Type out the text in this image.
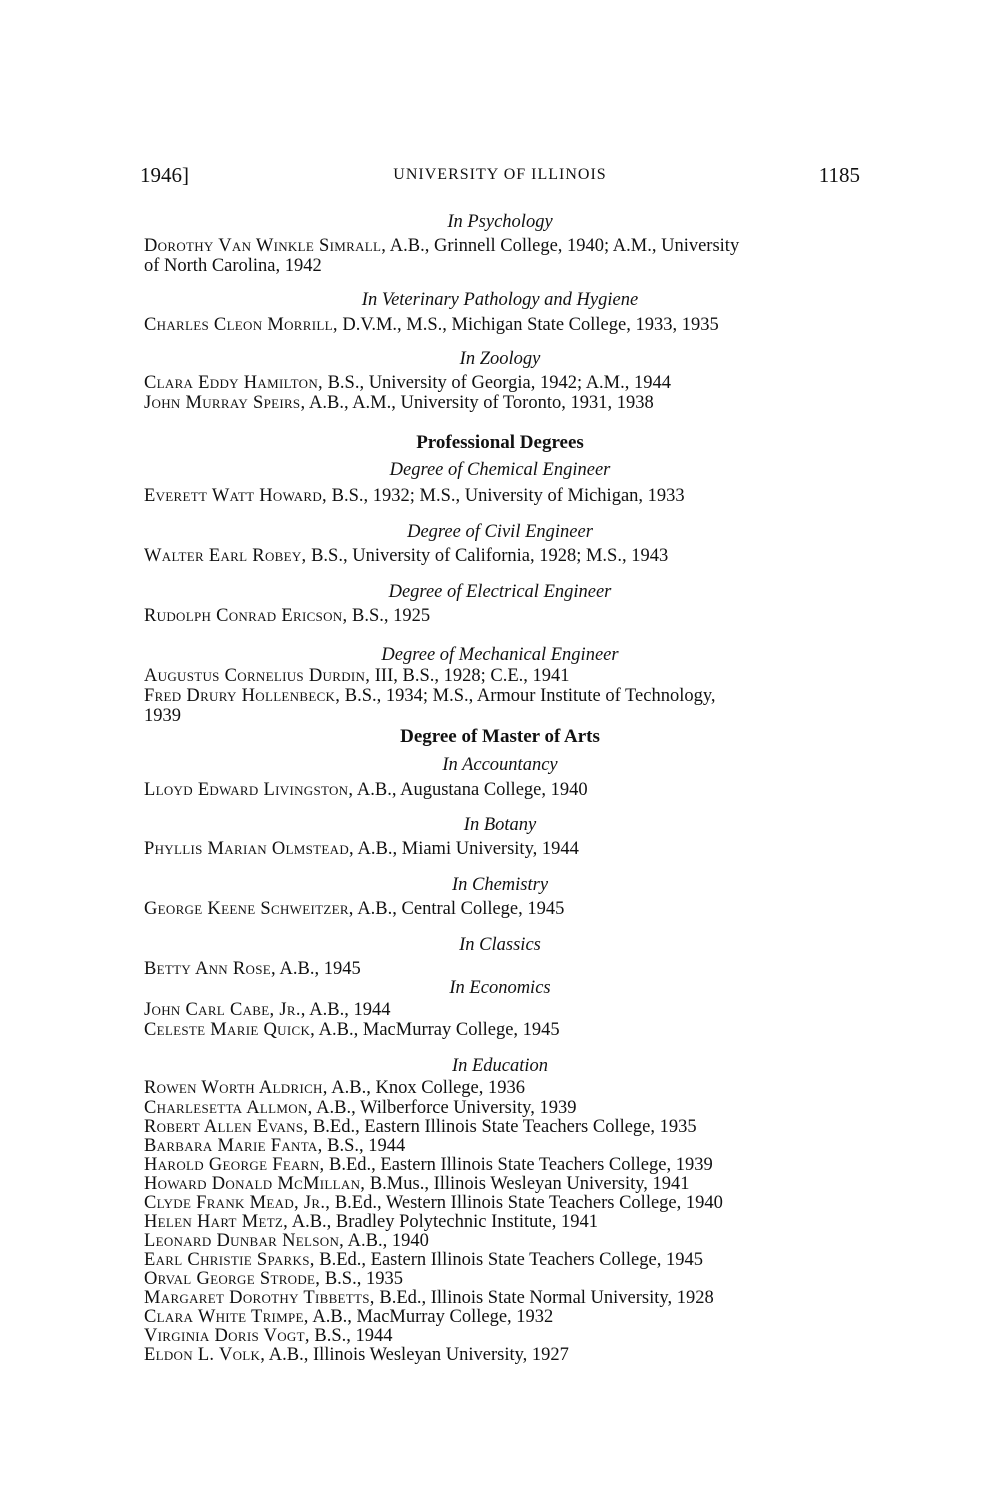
1946]	UNIVERSITY OF ILLINOIS	1185
In Psychology
Dorothy Van Winkle Simrall, A.B., Grinnell College, 1940; A.M., University
of North Carolina, 1942
In Veterinary Pathology and Hygiene
Charles Cleon Morrill, D.V.M., M.S., Michigan State College, 1933, 1935
In Zoology
Clara Eddy Hamilton, B.S., University of Georgia, 1942; A.M., 1944
John Murray Speirs, A.B., A.M., University of Toronto, 1931, 1938
Professional Degrees
Degree of Chemical Engineer
Everett Watt Howard, B.S., 1932; M.S., University of Michigan, 1933
Degree of Civil Engineer
Walter Earl Robey, B.S., University of California, 1928; M.S., 1943
Degree of Electrical Engineer
Rudolph Conrad Ericson, B.S., 1925
Degree of Mechanical Engineer
Augustus Cornelius Durdin, III, B.S., 1928; C.E., 1941
Fred Drury Hollenbeck, B.S., 1934; M.S., Armour Institute of Technology,
1939
Degree of Master of Arts
In Accountancy
Lloyd Edward Livingston, A.B., Augustana College, 1940
In Botany
Phyllis Marian Olmstead, A.B., Miami University, 1944
In Chemistry
George Keene Schweitzer, A.B., Central College, 1945
In Classics
Betty Ann Rose, A.B., 1945
In Economics
John Carl Cabe, Jr., A.B., 1944
Celeste Marie Quick, A.B., MacMurray College, 1945
In Education
Rowen Worth Aldrich, A.B., Knox College, 1936
Charlesetta Allmon, A.B., Wilberforce University, 1939
Robert Allen Evans, B.Ed., Eastern Illinois State Teachers College, 1935
Barbara Marie Fanta, B.S., 1944
Harold George Fearn, B.Ed., Eastern Illinois State Teachers College, 1939
Howard Donald McMillan, B.Mus., Illinois Wesleyan University, 1941
Clyde Frank Mead, Jr., B.Ed., Western Illinois State Teachers College, 1940
Helen Hart Metz, A.B., Bradley Polytechnic Institute, 1941
Leonard Dunbar Nelson, A.B., 1940
Earl Christie Sparks, B.Ed., Eastern Illinois State Teachers College, 1945
Orval George Strode, B.S., 1935
Margaret Dorothy Tibbetts, B.Ed., Illinois State Normal University, 1928
Clara White Trimpe, A.B., MacMurray College, 1932
Virginia Doris Vogt, B.S., 1944
Eldon L. Volk, A.B., Illinois Wesleyan University, 1927
